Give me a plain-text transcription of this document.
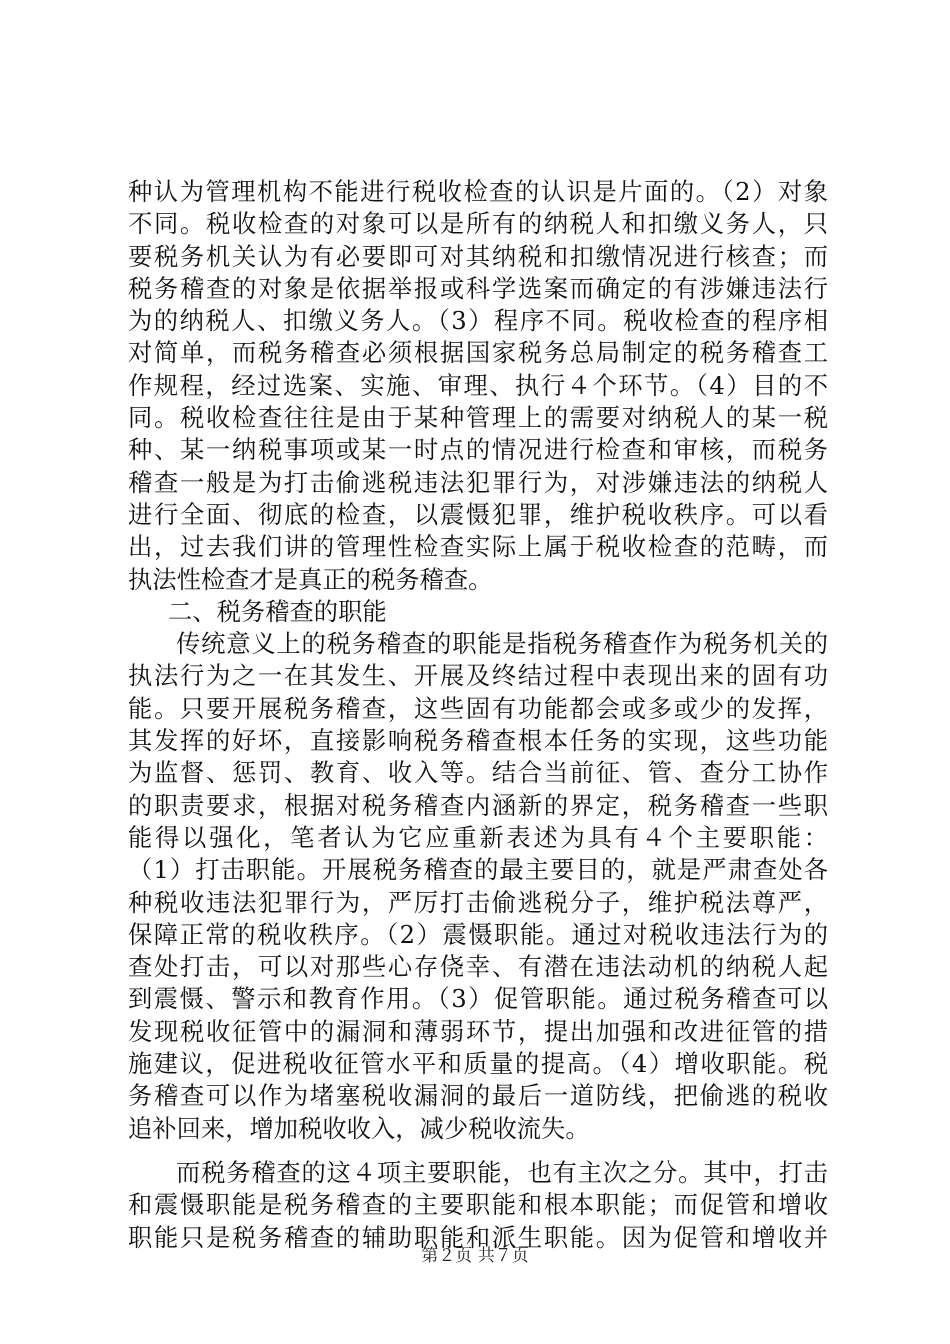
种认为管理机构不能进行税收检查的认识是片面的。（2）对象
不同。税收检查的对象可以是所有的纳税人和扣缴义务人，只
要税务机关认为有必要即可对其纳税和扣缴情况进行核查；而
税务稽查的对象是依据举报或科学选案而确定的有涉嫌违法行
为的纳税人、扣缴义务人。（3）程序不同。税收检查的程序相
对简单，而税务稽查必须根据国家税务总局制定的税务稽查工
作规程，经过选案、实施、审理、执行４个环节。（4）目的不
同。税收检查往往是由于某种管理上的需要对纳税人的某一税
种、某一纳税事项或某一时点的情况进行检查和审核，而税务
稽查一般是为打击偷逃税违法犯罪行为，对涉嫌违法的纳税人
进行全面、彻底的检查，以震慑犯罪，维护税收秩序。可以看
出，过去我们讲的管理性检查实际上属于税收检查的范畴，而
执法性检查才是真正的税务稽查。
二、税务稽查的职能
传统意义上的税务稽查的职能是指税务稽查作为税务机关的
执法行为之一在其发生、开展及终结过程中表现出来的固有功
能。只要开展税务稽查，这些固有功能都会或多或少的发挥，
其发挥的好坏，直接影响税务稽查根本任务的实现，这些功能
为监督、惩罚、教育、收入等。结合当前征、管、查分工协作
的职责要求，根据对税务稽查内涵新的界定，税务稽查一些职
能得以强化，笔者认为它应重新表述为具有４个主要职能：
（1）打击职能。开展税务稽查的最主要目的，就是严肃查处各
种税收违法犯罪行为，严厉打击偷逃税分子，维护税法尊严，
保障正常的税收秩序。（2）震慑职能。通过对税收违法行为的
查处打击，可以对那些心存侥幸、有潜在违法动机的纳税人起
到震慑、警示和教育作用。（3）促管职能。通过税务稽查可以
发现税收征管中的漏洞和薄弱环节，提出加强和改进征管的措
施建议，促进税收征管水平和质量的提高。（4）增收职能。税
务稽查可以作为堵塞税收漏洞的最后一道防线，把偷逃的税收
追补回来，增加税收收入，减少税收流失。
而税务稽查的这４项主要职能，也有主次之分。其中，打击
和震慑职能是税务稽查的主要职能和根本职能；而促管和增收
职能只是税务稽查的辅助职能和派生职能。因为促管和增收并
第２页 共７页
